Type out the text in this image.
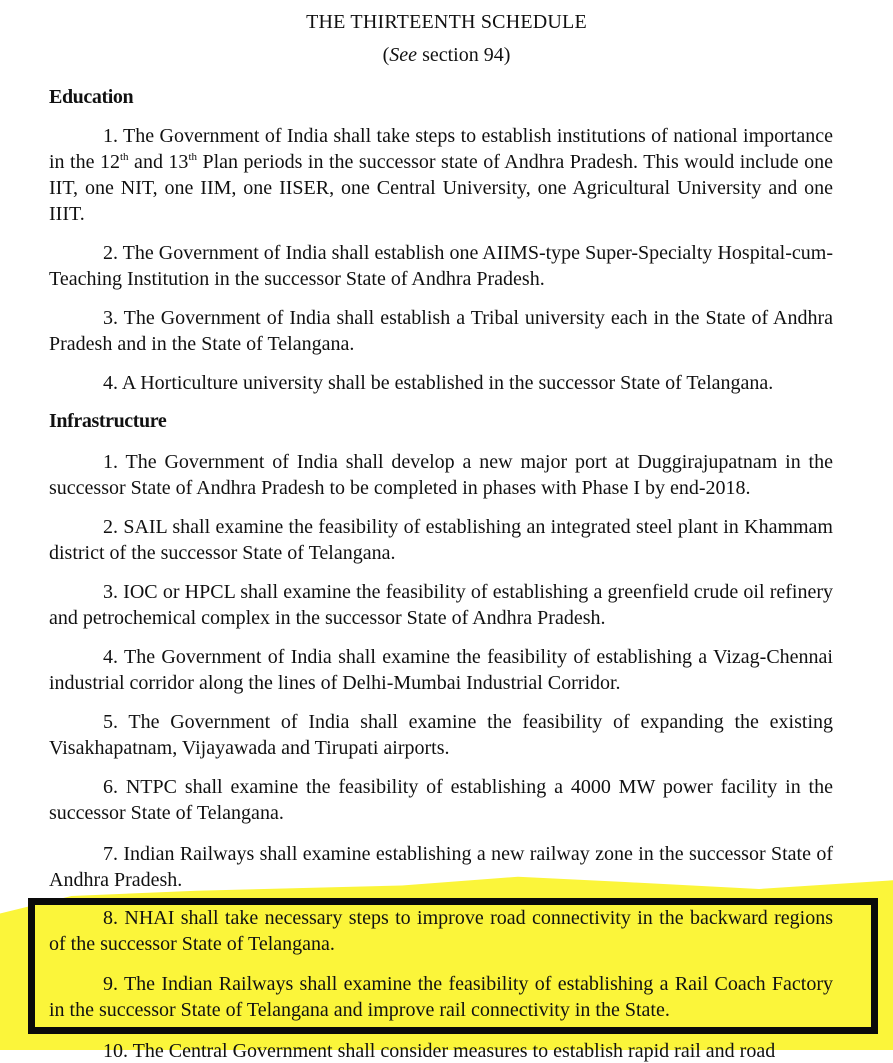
THE THIRTEENTH SCHEDULE
(See section 94)
Education
1. The Government of India shall take steps to establish institutions of national importance in the 12th and 13th Plan periods in the successor state of Andhra Pradesh. This would include one IIT, one NIT, one IIM, one IISER, one Central University, one Agricultural University and one IIIT.
2. The Government of India shall establish one AIIMS-type Super-Specialty Hospital-cum-Teaching Institution in the successor State of Andhra Pradesh.
3. The Government of India shall establish a Tribal university each in the State of Andhra Pradesh and in the State of Telangana.
4. A Horticulture university shall be established in the successor State of Telangana.
Infrastructure
1. The Government of India shall develop a new major port at Duggirajupatnam in the successor State of Andhra Pradesh to be completed in phases with Phase I by end-2018.
2. SAIL shall examine the feasibility of establishing an integrated steel plant in Khammam district of the successor State of Telangana.
3. IOC or HPCL shall examine the feasibility of establishing a greenfield crude oil refinery and petrochemical complex in the successor State of Andhra Pradesh.
4. The Government of India shall examine the feasibility of establishing a Vizag-Chennai industrial corridor along the lines of Delhi-Mumbai Industrial Corridor.
5. The Government of India shall examine the feasibility of expanding the existing Visakhapatnam, Vijayawada and Tirupati airports.
6. NTPC shall examine the feasibility of establishing a 4000 MW power facility in the successor State of Telangana.
7. Indian Railways shall examine establishing a new railway zone in the successor State of Andhra Pradesh.
8. NHAI shall take necessary steps to improve road connectivity in the backward regions of the successor State of Telangana.
9. The Indian Railways shall examine the feasibility of establishing a Rail Coach Factory in the successor State of Telangana and improve rail connectivity in the State.
10. The Central Government shall consider measures to establish rapid rail and road
